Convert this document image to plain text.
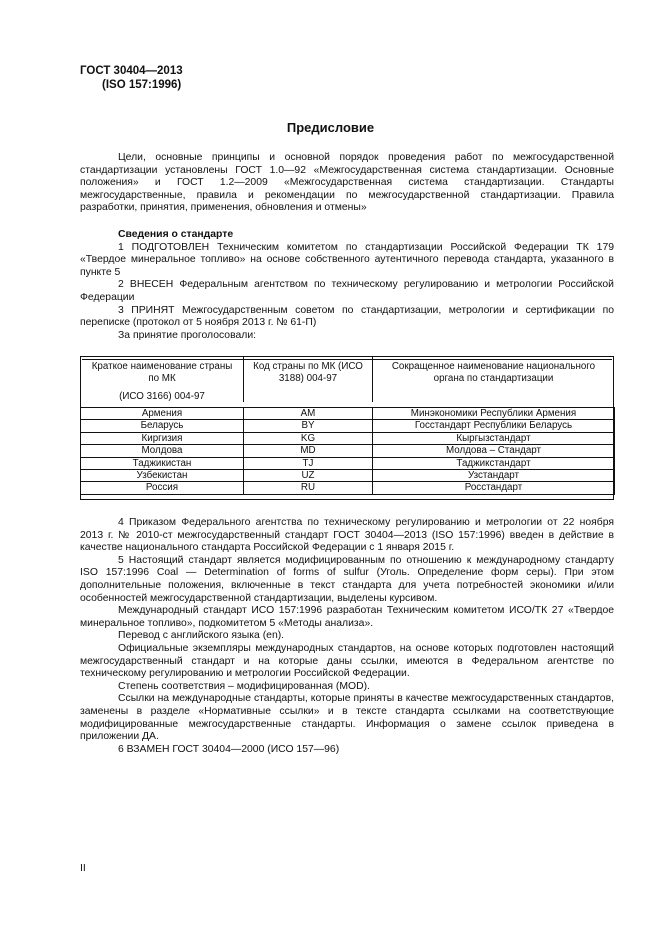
ГОСТ 30404—2013
(ISO 157:1996)
Предисловие

Цели, основные принципы и основной порядок проведения работ по межгосударственной стандартизации установлены ГОСТ 1.0—92 «Межгосударственная система стандартизации. Основные положения» и ГОСТ 1.2—2009 «Межгосударственная система стандартизации. Стандарты межгосударственные, правила и рекомендации по межгосударственной стандартизации. Правила разработки, принятия, применения, обновления и отмены»

Сведения о стандарте

1 ПОДГОТОВЛЕН Техническим комитетом по стандартизации Российской Федерации ТК 179 «Твердое минеральное топливо» на основе собственного аутентичного перевода стандарта, указанного в пункте 5

2 ВНЕСЕН Федеральным агентством по техническому регулированию и метрологии Российской Федерации

3 ПРИНЯТ Межгосударственным советом по стандартизации, метрологии и сертификации по переписке (протокол от 5 ноября 2013 г. № 61-П)

За принятие проголосовали:

Краткое наименование страны по МК
(ИСО 3166) 004-97	Код страны по МК (ИСО 3188) 004-97	Сокращенное наименование национального органа по стандартизации
Армения	AM	Минэкономики Республики Армения
Беларусь	BY	Госстандарт Республики Беларусь
Киргизия	KG	Кыргызстандарт
Молдова	MD	Молдова – Стандарт
Таджикистан	TJ	Таджикстандарт
Узбекистан	UZ	Узстандарт
Россия	RU	Росстандарт

4 Приказом Федерального агентства по техническому регулированию и метрологии от 22 ноября 2013 г. № 2010-ст межгосударственный стандарт ГОСТ 30404—2013 (ISO 157:1996) введен в действие в качестве национального стандарта Российской Федерации с 1 января 2015 г.

5 Настоящий стандарт является модифицированным по отношению к международному стандарту ISO 157:1996 Coal — Determination of forms of sulfur (Уголь. Определение форм серы). При этом дополнительные положения, включенные в текст стандарта для учета потребностей экономики и/или особенностей межгосударственной стандартизации, выделены курсивом.

Международный стандарт ИСО 157:1996 разработан Техническим комитетом ИСО/ТК 27 «Твердое минеральное топливо», подкомитетом 5 «Методы анализа».

Перевод с английского языка (en).

Официальные экземпляры международных стандартов, на основе которых подготовлен настоящий межгосударственный стандарт и на которые даны ссылки, имеются в Федеральном агентстве по техническому регулированию и метрологии Российской Федерации.

Степень соответствия – модифицированная (MOD).

Ссылки на международные стандарты, которые приняты в качестве межгосударственных стандартов, заменены в разделе «Нормативные ссылки» и в тексте стандарта ссылками на соответствующие модифицированные межгосударственные стандарты. Информация о замене ссылок приведена в приложении ДА.

6 ВЗАМЕН ГОСТ 30404—2000 (ИСО 157—96)

II
